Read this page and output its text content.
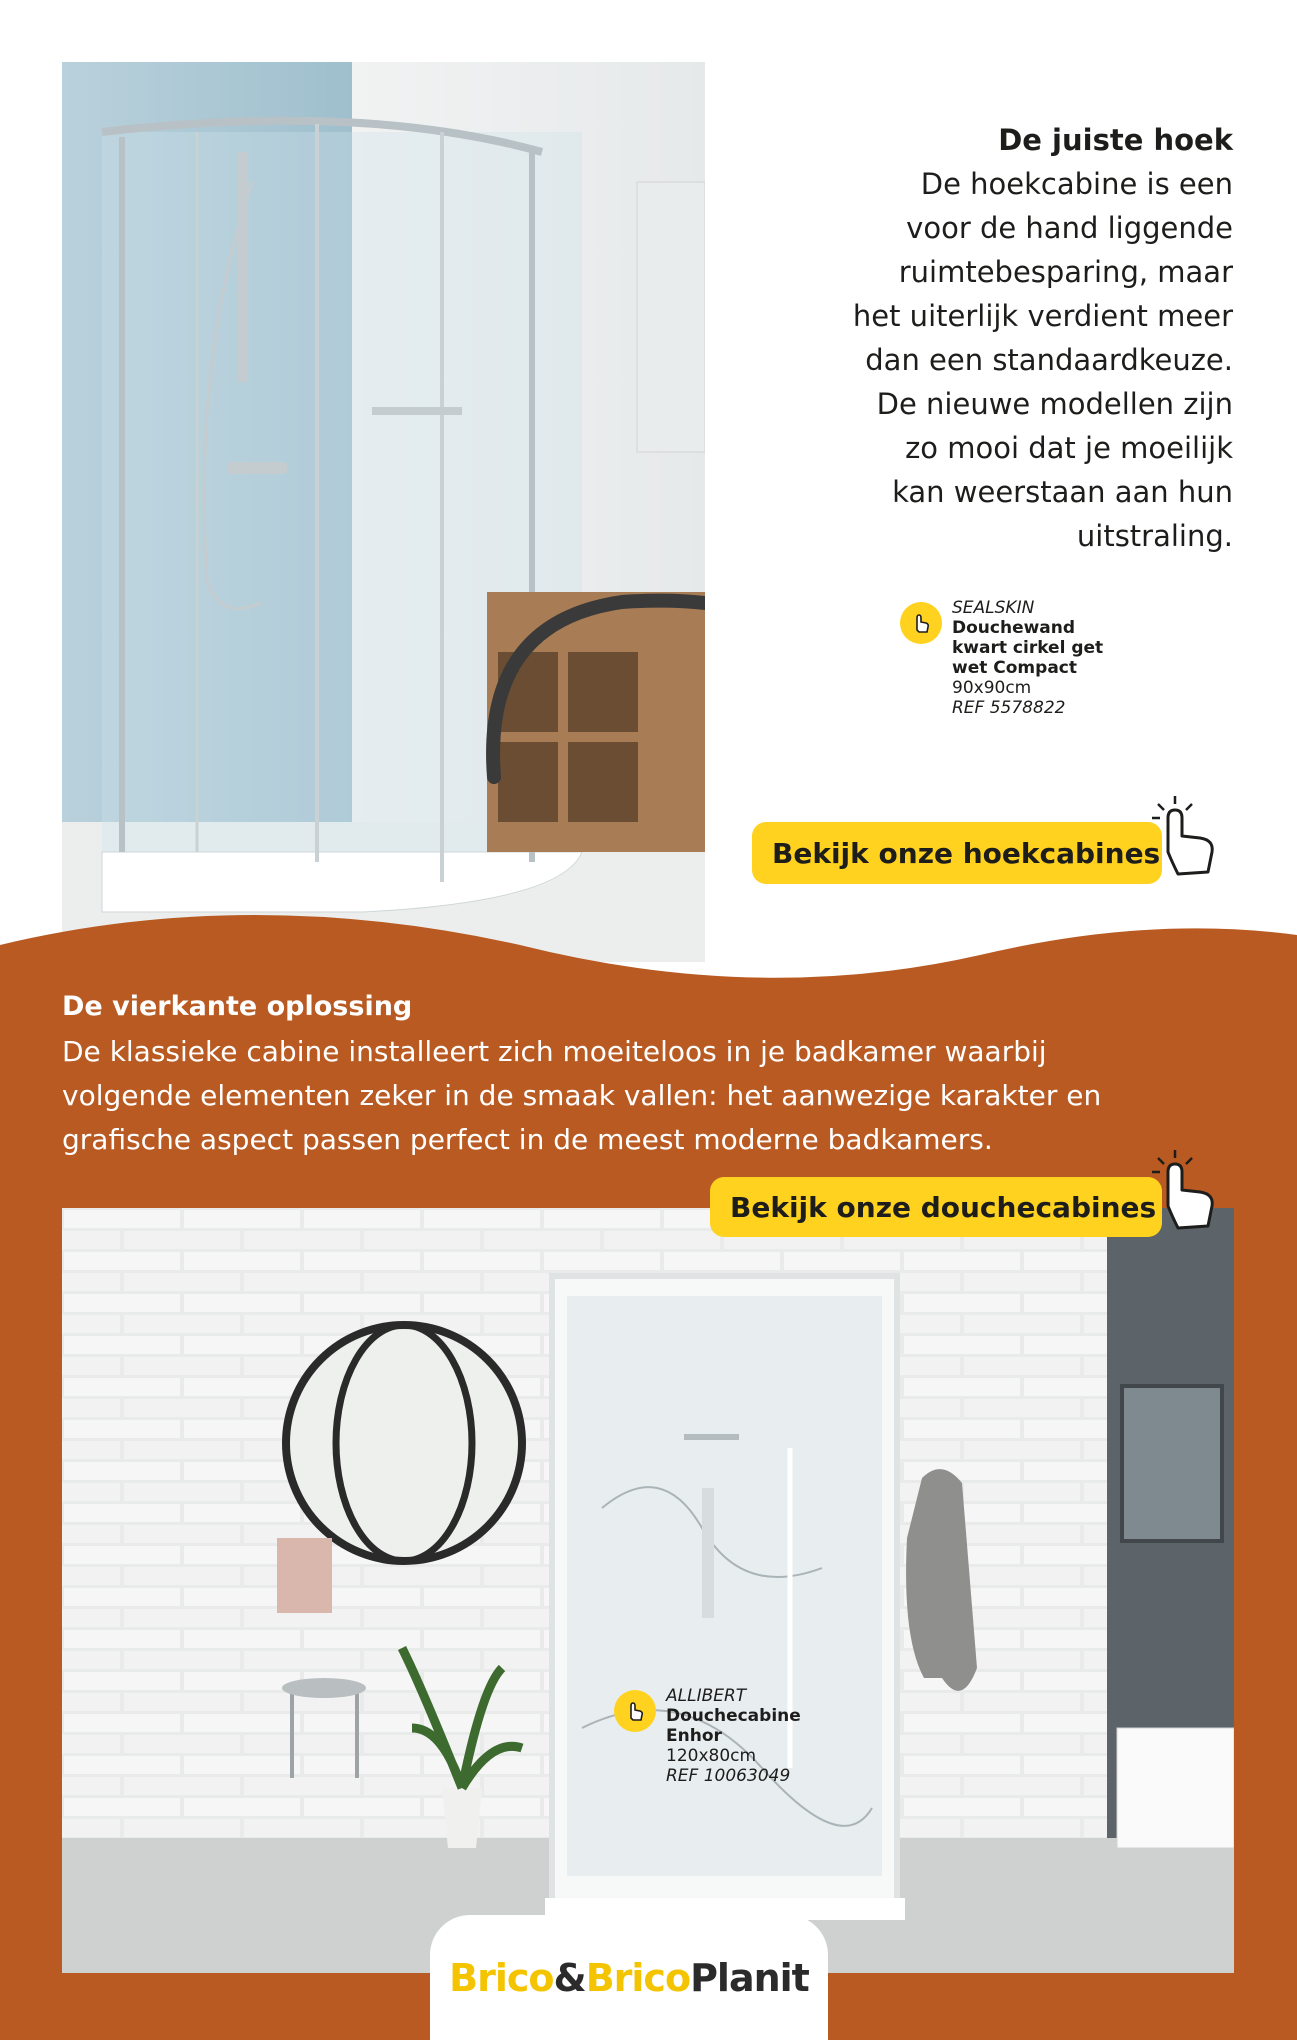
De juiste hoek

De hoekcabine is een

voor de hand liggende

ruimtebesparing, maar

het uiterlijk verdient meer

dan een standaardkeuze.

De nieuwe modellen zijn

zo mooi dat je moeilijk

kan weerstaan aan hun

uitstraling.

SEALSKIN
Douchewand
kwart cirkel get
wet Compact
90x90cm
REF 5578822
Bekijk onze hoekcabines
De vierkante oplossing

De klassieke cabine installeert zich moeiteloos in je badkamer waarbij

volgende elementen zeker in de smaak vallen: het aanwezige karakter en

grafische aspect passen perfect in de meest moderne badkamers.

Bekijk onze douchecabines
ALLIBERT
Douchecabine
Enhor
120x80cm
REF 10063049
Brico&BricoPlanit
